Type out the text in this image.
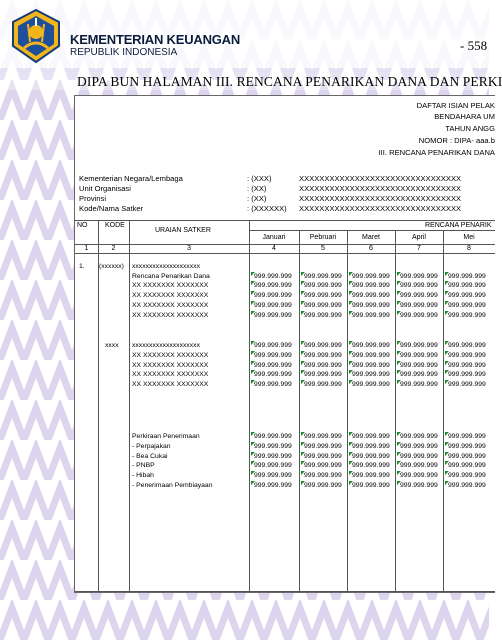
KEMENTERIAN KEUANGAN
REPUBLIK INDONESIA	- 558
DIPA BUN HALAMAN III. RENCANA PENARIKAN DANA DAN PERKI
DAFTAR ISIAN PELAK
BENDAHARA UM
TAHUN ANGG
NOMOR : DIPA- aaa.b
III. RENCANA PENARIKAN DANA
Kementerian Negara/Lembaga	: (XXX)	XXXXXXXXXXXXXXXXXXXXXXXXXXXXXXXX
Unit Organisasi	: (XX)	XXXXXXXXXXXXXXXXXXXXXXXXXXXXXXXX
Provinsi	: (XX)	XXXXXXXXXXXXXXXXXXXXXXXXXXXXXXXX
Kode/Nama Satker	: (XXXXXX) XXXXXXXXXXXXXXXXXXXXXXXXXXXXXXXX
NO	KODE
URAIAN SATKER
RENCANA PENARIK
Januari	Pebruari	Maret	April	Mei
1	2	3	4	5	6	7	8
1. (xxxxxx) xxxxxxxxxxxxxxxxxxxx
Rencana Penarikan Dana	999.999.999 999.999.999 999.999.999 999.999.999 999.999.999
XX XXXXXXX XXXXXXX	999.999.999 999.999.999 999.999.999 999.999.999 999.999.999
XX XXXXXXX XXXXXXX	999.999.999 999.999.999 999.999.999 999.999.999 999.999.999
XX XXXXXXX XXXXXXX	999.999.999 999.999.999 999.999.999 999.999.999 999.999.999
XX XXXXXXX XXXXXXX	999.999.999 999.999.999 999.999.999 999.999.999 999.999.999
xxxx xxxxxxxxxxxxxxxxxxxx	999.999.999 999.999.999 999.999.999 999.999.999 999.999.999
XX XXXXXXX XXXXXXX	999.999.999 999.999.999 999.999.999 999.999.999 999.999.999
XX XXXXXXX XXXXXXX	999.999.999 999.999.999 999.999.999 999.999.999 999.999.999
XX XXXXXXX XXXXXXX	999.999.999 999.999.999 999.999.999 999.999.999 999.999.999
XX XXXXXXX XXXXXXX	999.999.999 999.999.999 999.999.999 999.999.999 999.999.999
Perkiraan Penerimaan	999.999.999 999.999.999 999.999.999 999.999.999 999.999.999
- Perpajakan	999.999.999 999.999.999 999.999.999 999.999.999 999.999.999
- Bea Cukai	999.999.999 999.999.999 999.999.999 999.999.999 999.999.999
- PNBP	999.999.999 999.999.999 999.999.999 999.999.999 999.999.999
- Hibah	999.999.999 999.999.999 999.999.999 999.999.999 999.999.999
- Penerimaan Pembiayaan	999.999.999 999.999.999 999.999.999 999.999.999 999.999.999
